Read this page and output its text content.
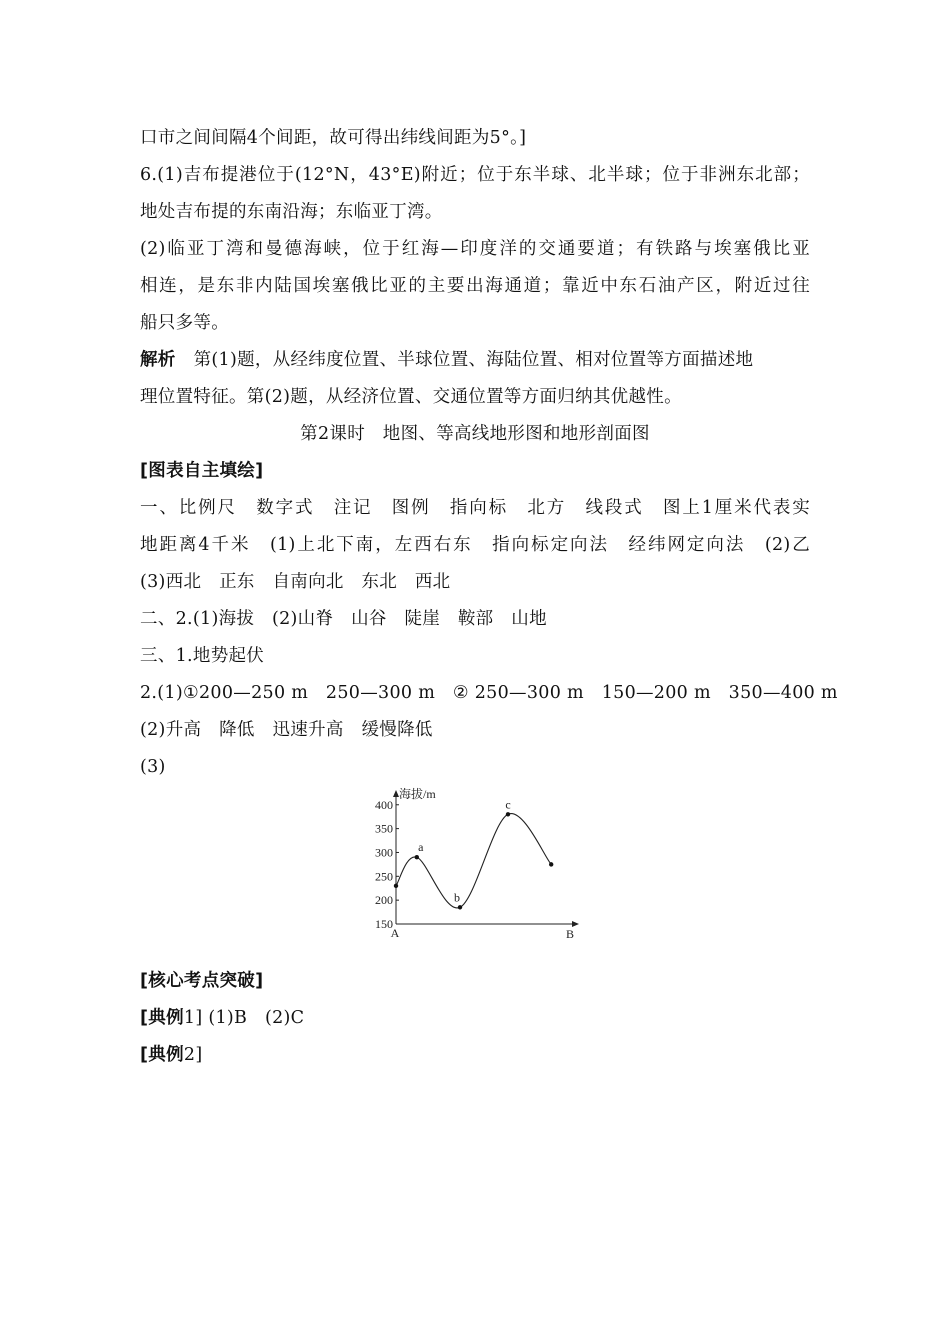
口市之间间隔4个间距，故可得出纬线间距为5°。]
6.(1)吉布提港位于(12°N，43°E)附近；位于东半球、北半球；位于非洲东北部；
地处吉布提的东南沿海；东临亚丁湾。
(2)临亚丁湾和曼德海峡，位于红海—印度洋的交通要道；有铁路与埃塞俄比亚
相连，是东非内陆国埃塞俄比亚的主要出海通道；靠近中东石油产区，附近过往
船只多等。
解析 第(1)题，从经纬度位置、半球位置、海陆位置、相对位置等方面描述地
理位置特征。第(2)题，从经济位置、交通位置等方面归纳其优越性。
第2课时　地图、等高线地形图和地形剖面图
[图表自主填绘]
一、比例尺　数字式　注记　图例　指向标　北方　线段式　图上1厘米代表实
地距离4千米　(1)上北下南，左西右东　指向标定向法　经纬网定向法　(2)乙
(3)西北　正东　自南向北　东北　西北
二、2.(1)海拔　(2)山脊　山谷　陡崖　鞍部　山地
三、1.地势起伏
2.(1)①200—250 m　250—300 m　② 250—300 m　150—200 m　350—400 m
(2)升高　降低　迅速升高　缓慢降低
(3)
海拔/m
150
200
250
300
350
400
A	B
a
b
c
[核心考点突破]
[典例1] (1)B　(2)C
[典例2]
